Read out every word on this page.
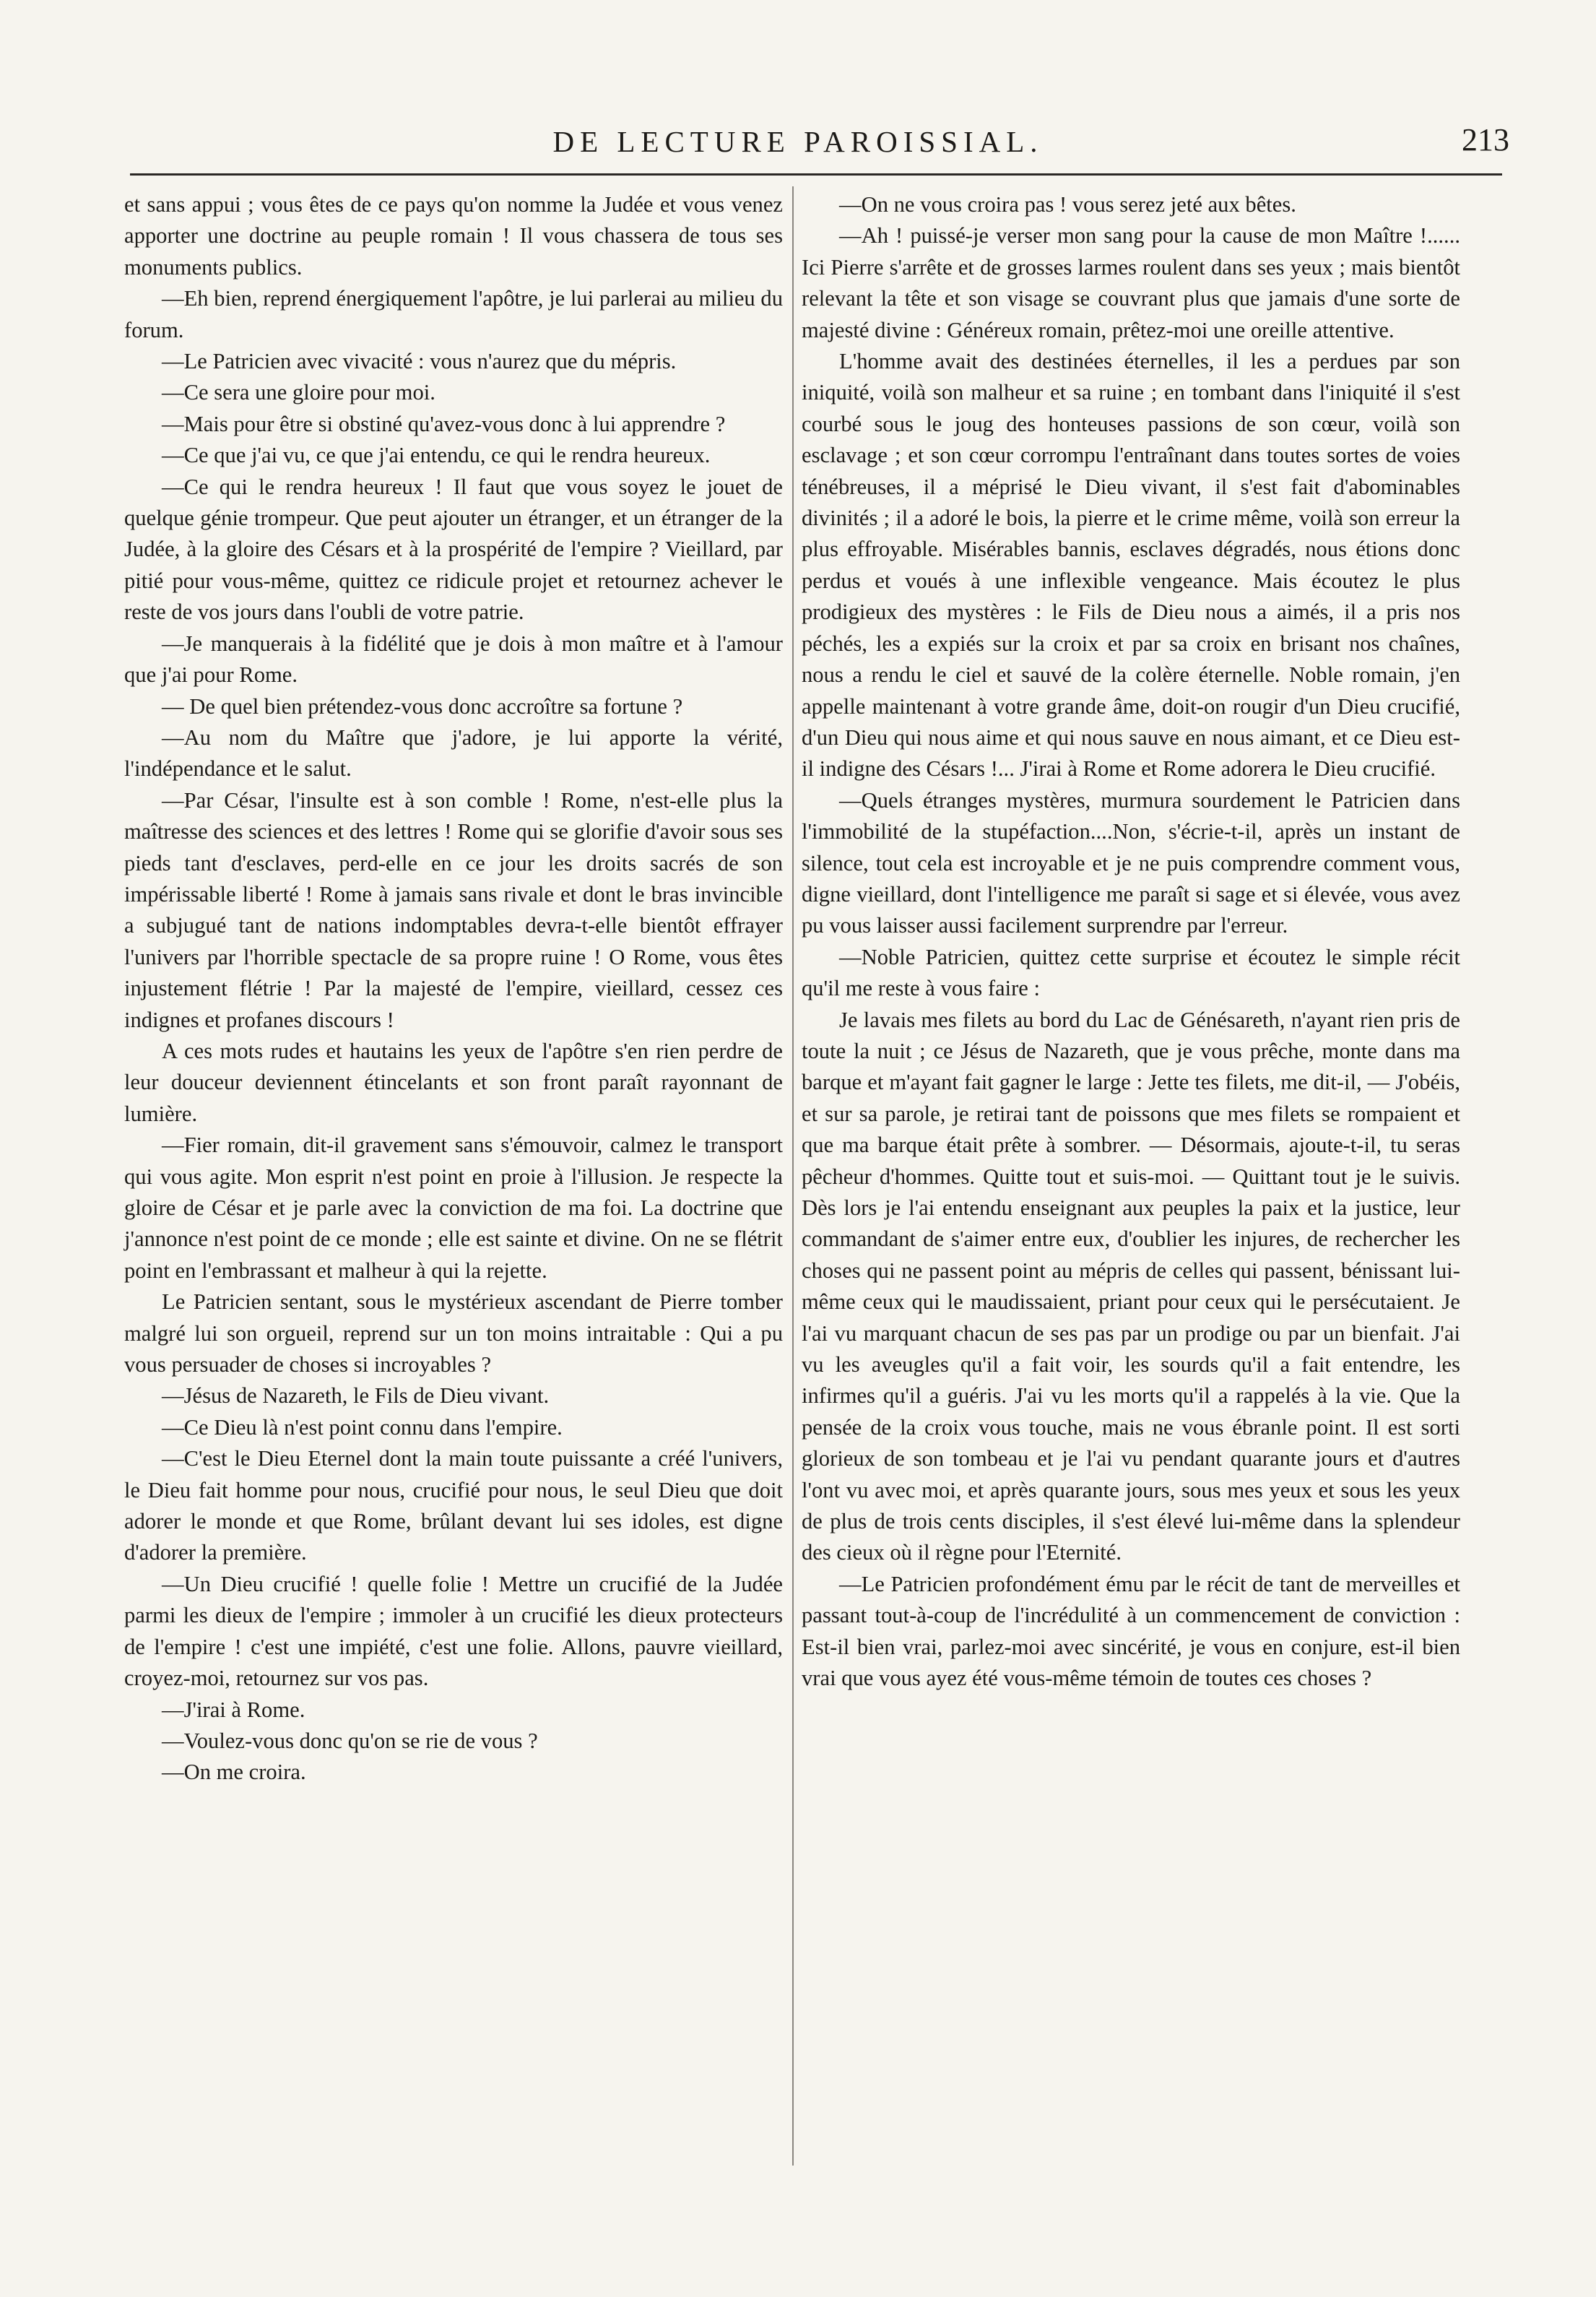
DE LECTURE PAROISSIAL.	213

et sans appui ; vous êtes de ce pays qu'on nomme la Judée et vous venez apporter une doctrine au peuple romain ! Il vous chassera de tous ses monuments publics.

—Eh bien, reprend énergiquement l'apôtre, je lui parlerai au milieu du forum.

—Le Patricien avec vivacité : vous n'aurez que du mépris.

—Ce sera une gloire pour moi.

—Mais pour être si obstiné qu'avez-vous donc à lui apprendre ?

—Ce que j'ai vu, ce que j'ai entendu, ce qui le rendra heureux.

—Ce qui le rendra heureux ! Il faut que vous soyez le jouet de quelque génie trompeur. Que peut ajouter un étranger, et un étranger de la Judée, à la gloire des Césars et à la prospérité de l'empire ? Vieillard, par pitié pour vous-même, quittez ce ridicule projet et retournez achever le reste de vos jours dans l'oubli de votre patrie.

—Je manquerais à la fidélité que je dois à mon maître et à l'amour que j'ai pour Rome.

— De quel bien prétendez-vous donc accroître sa fortune ?

—Au nom du Maître que j'adore, je lui apporte la vérité, l'indépendance et le salut.

—Par César, l'insulte est à son comble ! Rome, n'est-elle plus la maîtresse des sciences et des lettres ! Rome qui se glorifie d'avoir sous ses pieds tant d'esclaves, perd-elle en ce jour les droits sacrés de son impérissable liberté ! Rome à jamais sans rivale et dont le bras invincible a subjugué tant de nations indomptables devra-t-elle bientôt effrayer l'univers par l'horrible spectacle de sa propre ruine ! O Rome, vous êtes injustement flétrie ! Par la majesté de l'empire, vieillard, cessez ces indignes et profanes discours !

A ces mots rudes et hautains les yeux de l'apôtre s'en rien perdre de leur douceur deviennent étincelants et son front paraît rayonnant de lumière.

—Fier romain, dit-il gravement sans s'émouvoir, calmez le transport qui vous agite. Mon esprit n'est point en proie à l'illusion. Je respecte la gloire de César et je parle avec la conviction de ma foi. La doctrine que j'annonce n'est point de ce monde ; elle est sainte et divine. On ne se flétrit point en l'embrassant et malheur à qui la rejette.

Le Patricien sentant, sous le mystérieux ascendant de Pierre tomber malgré lui son orgueil, reprend sur un ton moins intraitable : Qui a pu vous persuader de choses si incroyables ?

—Jésus de Nazareth, le Fils de Dieu vivant.

—Ce Dieu là n'est point connu dans l'empire.

—C'est le Dieu Eternel dont la main toute puissante a créé l'univers, le Dieu fait homme pour nous, crucifié pour nous, le seul Dieu que doit adorer le monde et que Rome, brûlant devant lui ses idoles, est digne d'adorer la première.

—Un Dieu crucifié ! quelle folie ! Mettre un crucifié de la Judée parmi les dieux de l'empire ; immoler à un crucifié les dieux protecteurs de l'empire ! c'est une impiété, c'est une folie. Allons, pauvre vieillard, croyez-moi, retournez sur vos pas.

—J'irai à Rome.

—Voulez-vous donc qu'on se rie de vous ?

—On me croira.

—On ne vous croira pas ! vous serez jeté aux bêtes.

—Ah ! puissé-je verser mon sang pour la cause de mon Maître !...... Ici Pierre s'arrête et de grosses larmes roulent dans ses yeux ; mais bientôt relevant la tête et son visage se couvrant plus que jamais d'une sorte de majesté divine : Généreux romain, prêtez-moi une oreille attentive.

L'homme avait des destinées éternelles, il les a perdues par son iniquité, voilà son malheur et sa ruine ; en tombant dans l'iniquité il s'est courbé sous le joug des honteuses passions de son cœur, voilà son esclavage ; et son cœur corrompu l'entraînant dans toutes sortes de voies ténébreuses, il a méprisé le Dieu vivant, il s'est fait d'abominables divinités ; il a adoré le bois, la pierre et le crime même, voilà son erreur la plus effroyable. Misérables bannis, esclaves dégradés, nous étions donc perdus et voués à une inflexible vengeance. Mais écoutez le plus prodigieux des mystères : le Fils de Dieu nous a aimés, il a pris nos péchés, les a expiés sur la croix et par sa croix en brisant nos chaînes, nous a rendu le ciel et sauvé de la colère éternelle. Noble romain, j'en appelle maintenant à votre grande âme, doit-on rougir d'un Dieu crucifié, d'un Dieu qui nous aime et qui nous sauve en nous aimant, et ce Dieu est-il indigne des Césars !... J'irai à Rome et Rome adorera le Dieu crucifié.

—Quels étranges mystères, murmura sourdement le Patricien dans l'immobilité de la stupéfaction....Non, s'écrie-t-il, après un instant de silence, tout cela est incroyable et je ne puis comprendre comment vous, digne vieillard, dont l'intelligence me paraît si sage et si élevée, vous avez pu vous laisser aussi facilement surprendre par l'erreur.

—Noble Patricien, quittez cette surprise et écoutez le simple récit qu'il me reste à vous faire :

Je lavais mes filets au bord du Lac de Génésareth, n'ayant rien pris de toute la nuit ; ce Jésus de Nazareth, que je vous prêche, monte dans ma barque et m'ayant fait gagner le large : Jette tes filets, me dit-il, — J'obéis, et sur sa parole, je retirai tant de poissons que mes filets se rompaient et que ma barque était prête à sombrer. — Désormais, ajoute-t-il, tu seras pêcheur d'hommes. Quitte tout et suis-moi. — Quittant tout je le suivis. Dès lors je l'ai entendu enseignant aux peuples la paix et la justice, leur commandant de s'aimer entre eux, d'oublier les injures, de rechercher les choses qui ne passent point au mépris de celles qui passent, bénissant lui-même ceux qui le maudissaient, priant pour ceux qui le persécutaient. Je l'ai vu marquant chacun de ses pas par un prodige ou par un bienfait. J'ai vu les aveugles qu'il a fait voir, les sourds qu'il a fait entendre, les infirmes qu'il a guéris. J'ai vu les morts qu'il a rappelés à la vie. Que la pensée de la croix vous touche, mais ne vous ébranle point. Il est sorti glorieux de son tombeau et je l'ai vu pendant quarante jours et d'autres l'ont vu avec moi, et après quarante jours, sous mes yeux et sous les yeux de plus de trois cents disciples, il s'est élevé lui-même dans la splendeur des cieux où il règne pour l'Eternité.

—Le Patricien profondément ému par le récit de tant de merveilles et passant tout-à-coup de l'incrédulité à un commencement de conviction : Est-il bien vrai, parlez-moi avec sincérité, je vous en conjure, est-il bien vrai que vous ayez été vous-même témoin de toutes ces choses ?
